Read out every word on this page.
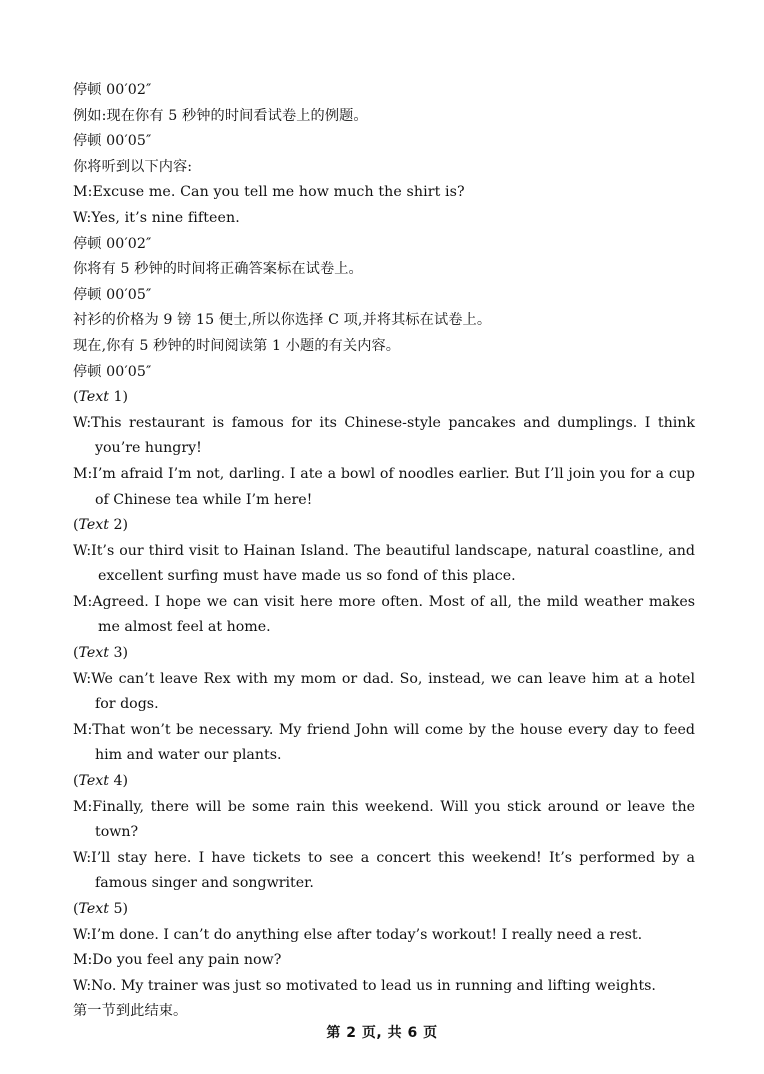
停顿 00′02″
例如:现在你有 5 秒钟的时间看试卷上的例题。
停顿 00′05″
你将听到以下内容:
M:Excuse me. Can you tell me how much the shirt is?
W:Yes, it’s nine fifteen.
停顿 00′02″
你将有 5 秒钟的时间将正确答案标在试卷上。
停顿 00′05″
衬衫的价格为 9 镑 15 便士,所以你选择 C 项,并将其标在试卷上。
现在,你有 5 秒钟的时间阅读第 1 小题的有关内容。
停顿 00′05″
(Text 1)
W:This restaurant is famous for its Chinese-style pancakes and dumplings. I think you’re hungry!
M:I’m afraid I’m not, darling. I ate a bowl of noodles earlier. But I’ll join you for a cup of Chinese tea while I’m here!
(Text 2)
W:It’s our third visit to Hainan Island. The beautiful landscape, natural coastline, and excellent surfing must have made us so fond of this place.
M:Agreed. I hope we can visit here more often. Most of all, the mild weather makes me almost feel at home.
(Text 3)
W:We can’t leave Rex with my mom or dad. So, instead, we can leave him at a hotel for dogs.
M:That won’t be necessary. My friend John will come by the house every day to feed him and water our plants.
(Text 4)
M:Finally, there will be some rain this weekend. Will you stick around or leave the town?
W:I’ll stay here. I have tickets to see a concert this weekend! It’s performed by a famous singer and songwriter.
(Text 5)
W:I’m done. I can’t do anything else after today’s workout! I really need a rest.
M:Do you feel any pain now?
W:No. My trainer was just so motivated to lead us in running and lifting weights.
第一节到此结束。
第 2 页, 共 6 页
